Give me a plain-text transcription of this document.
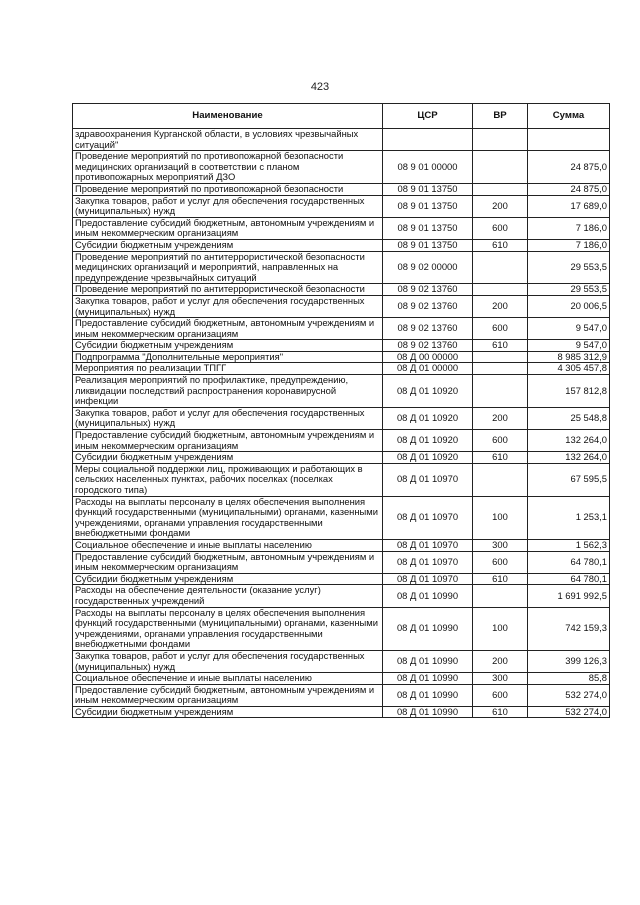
423
Наименование	ЦСР	ВР	Сумма
здравоохранения Курганской области, в условиях чрезвычайных ситуаций"			
Проведение мероприятий по противопожарной безопасности медицинских организаций в соответствии с планом противопожарных мероприятий ДЗО	08 9 01 00000		24 875,0
Проведение мероприятий по противопожарной безопасности	08 9 01 13750		24 875,0
Закупка товаров, работ и услуг для обеспечения государственных (муниципальных) нужд	08 9 01 13750	200	17 689,0
Предоставление субсидий бюджетным, автономным учреждениям и иным некоммерческим организациям	08 9 01 13750	600	7 186,0
Субсидии бюджетным учреждениям	08 9 01 13750	610	7 186,0
Проведение мероприятий по антитеррористической безопасности медицинских организаций и мероприятий, направленных на предупреждение чрезвычайных ситуаций	08 9 02 00000		29 553,5
Проведение мероприятий по антитеррористической безопасности	08 9 02 13760		29 553,5
Закупка товаров, работ и услуг для обеспечения государственных (муниципальных) нужд	08 9 02 13760	200	20 006,5
Предоставление субсидий бюджетным, автономным учреждениям и иным некоммерческим организациям	08 9 02 13760	600	9 547,0
Субсидии бюджетным учреждениям	08 9 02 13760	610	9 547,0
Подпрограмма "Дополнительные мероприятия"	08 Д 00 00000		8 985 312,9
Мероприятия по реализации ТПГГ	08 Д 01 00000		4 305 457,8
Реализация мероприятий по профилактике, предупреждению, ликвидации последствий распространения коронавирусной инфекции	08 Д 01 10920		157 812,8
Закупка товаров, работ и услуг для обеспечения государственных (муниципальных) нужд	08 Д 01 10920	200	25 548,8
Предоставление субсидий бюджетным, автономным учреждениям и иным некоммерческим организациям	08 Д 01 10920	600	132 264,0
Субсидии бюджетным учреждениям	08 Д 01 10920	610	132 264,0
Меры социальной поддержки лиц, проживающих и работающих в сельских населенных пунктах, рабочих поселках (поселках городского типа)	08 Д 01 10970		67 595,5
Расходы на выплаты персоналу в целях обеспечения выполнения функций государственными (муниципальными) органами, казенными учреждениями, органами управления государственными внебюджетными фондами	08 Д 01 10970	100	1 253,1
Социальное обеспечение и иные выплаты населению	08 Д 01 10970	300	1 562,3
Предоставление субсидий бюджетным, автономным учреждениям и иным некоммерческим организациям	08 Д 01 10970	600	64 780,1
Субсидии бюджетным учреждениям	08 Д 01 10970	610	64 780,1
Расходы на обеспечение деятельности (оказание услуг) государственных учреждений	08 Д 01 10990		1 691 992,5
Расходы на выплаты персоналу в целях обеспечения выполнения функций государственными (муниципальными) органами, казенными учреждениями, органами управления государственными внебюджетными фондами	08 Д 01 10990	100	742 159,3
Закупка товаров, работ и услуг для обеспечения государственных (муниципальных) нужд	08 Д 01 10990	200	399 126,3
Социальное обеспечение и иные выплаты населению	08 Д 01 10990	300	85,8
Предоставление субсидий бюджетным, автономным учреждениям и иным некоммерческим организациям	08 Д 01 10990	600	532 274,0
Субсидии бюджетным учреждениям	08 Д 01 10990	610	532 274,0
